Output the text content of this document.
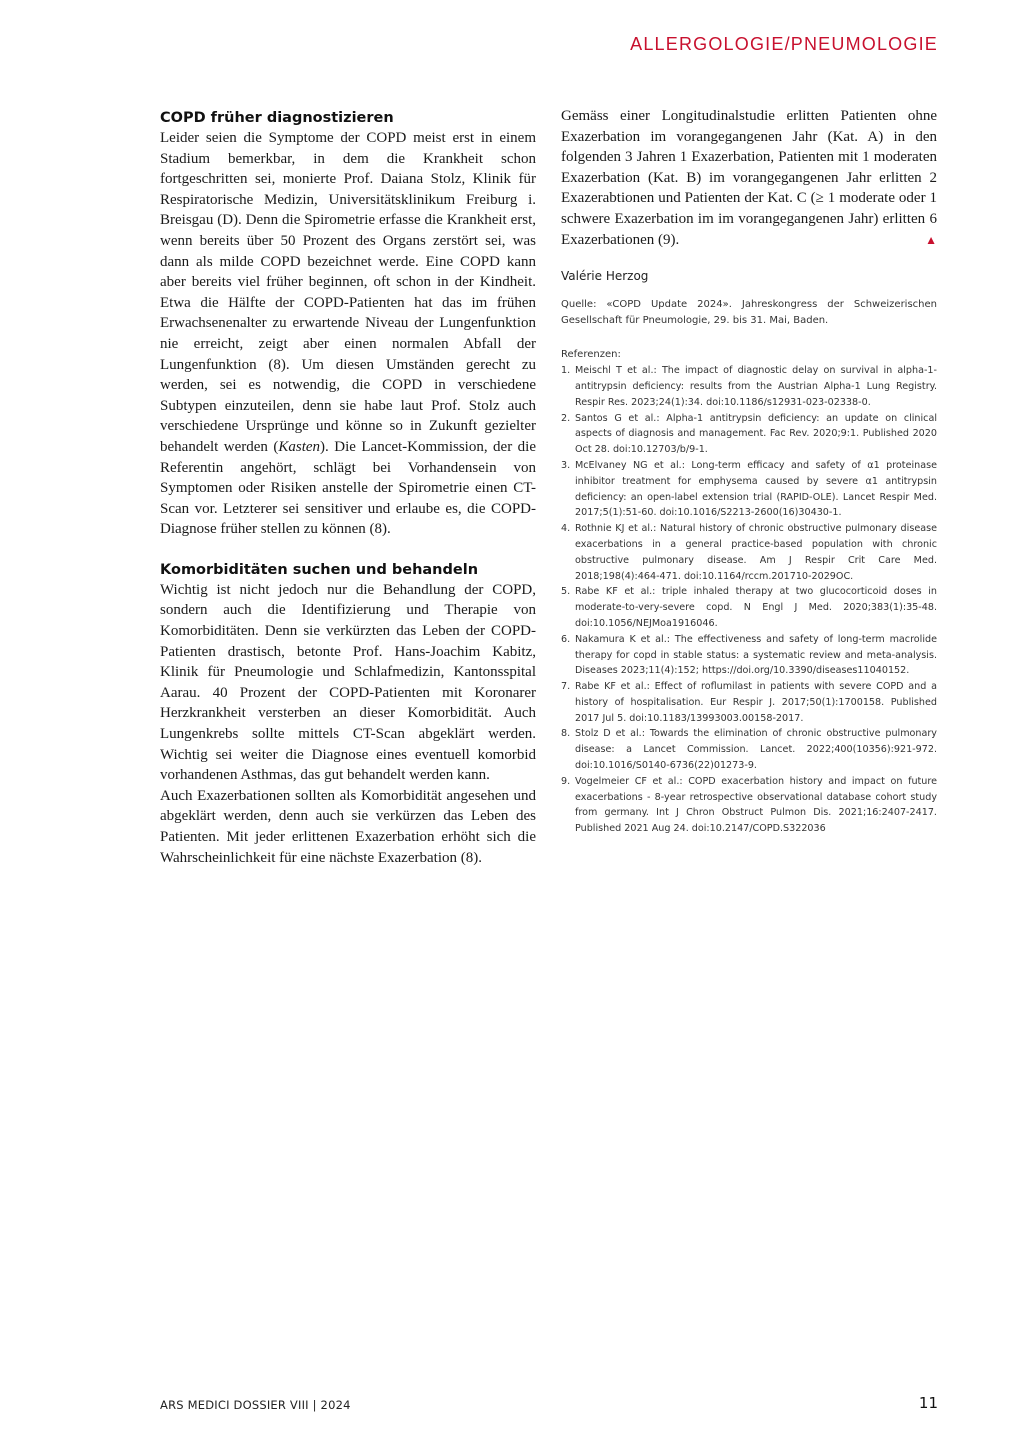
ALLERGOLOGIE/PNEUMOLOGIE
COPD früher diagnostizieren

Leider seien die Symptome der COPD meist erst in einem Stadium bemerkbar, in dem die Krankheit schon fortgeschritten sei, monierte Prof. Daiana Stolz, Klinik für Respiratorische Medizin, Universitätsklinikum Freiburg i. Breisgau (D). Denn die Spirometrie erfasse die Krankheit erst, wenn bereits über 50 Prozent des Organs zerstört sei, was dann als milde COPD bezeichnet werde. Eine COPD kann aber bereits viel früher beginnen, oft schon in der Kindheit. Etwa die Hälfte der COPD-Patienten hat das im frühen Erwachsenenalter zu erwartende Niveau der Lungenfunktion nie erreicht, zeigt aber einen normalen Abfall der Lungenfunktion (8). Um diesen Umständen gerecht zu werden, sei es notwendig, die COPD in verschiedene Subtypen einzuteilen, denn sie habe laut Prof. Stolz auch verschiedene Ursprünge und könne so in Zukunft gezielter behandelt werden (Kasten). Die Lancet-Kommission, der die Referentin angehört, schlägt bei Vorhandensein von Symptomen oder Risiken anstelle der Spirometrie einen CT-Scan vor. Letzterer sei sensitiver und erlaube es, die COPD-Diagnose früher stellen zu können (8).

Komorbiditäten suchen und behandeln

Wichtig ist nicht jedoch nur die Behandlung der COPD, sondern auch die Identifizierung und Therapie von Komorbiditäten. Denn sie verkürzten das Leben der COPD-Patienten drastisch, betonte Prof. Hans-Joachim Kabitz, Klinik für Pneumologie und Schlafmedizin, Kantonsspital Aarau. 40 Prozent der COPD-Patienten mit Koronarer Herzkrankheit versterben an dieser Komorbidität. Auch Lungenkrebs sollte mittels CT-Scan abgeklärt werden. Wichtig sei weiter die Diagnose eines eventuell komorbid vorhandenen Asthmas, das gut behandelt werden kann.

Auch Exazerbationen sollten als Komorbidität angesehen und abgeklärt werden, denn auch sie verkürzen das Leben des Patienten. Mit jeder erlittenen Exazerbation erhöht sich die Wahrscheinlichkeit für eine nächste Exazerbation (8).

Gemäss einer Longitudinalstudie erlitten Patienten ohne Exazerbation im vorangegangenen Jahr (Kat. A) in den folgenden 3 Jahren 1 Exazerbation, Patienten mit 1 moderaten Exazerbation (Kat. B) im vorangegangenen Jahr erlitten 2 Exazerabtionen und Patienten der Kat. C (≥ 1 moderate oder 1 schwere Exazerbation im im vorangegangenen Jahr) erlitten 6 Exazerbationen (9).	▲

Valérie Herzog
Quelle: «COPD Update 2024». Jahreskongress der Schweizerischen Gesellschaft für Pneumologie, 29. bis 31. Mai, Baden.
Referenzen:
1. Meischl T et al.: The impact of diagnostic delay on survival in alpha-1-antitrypsin deficiency: results from the Austrian Alpha-1 Lung Registry. Respir Res. 2023;24(1):34. doi:10.1186/s12931-023-02338-0.
2. Santos G et al.: Alpha-1 antitrypsin deficiency: an update on clinical aspects of diagnosis and management. Fac Rev. 2020;9:1. Published 2020 Oct 28. doi:10.12703/b/9-1.
3. McElvaney NG et al.: Long-term efficacy and safety of α1 proteinase inhibitor treatment for emphysema caused by severe α1 antitrypsin deficiency: an open-label extension trial (RAPID-OLE). Lancet Respir Med. 2017;5(1):51-60. doi:10.1016/S2213-2600(16)30430-1.
4. Rothnie KJ et al.: Natural history of chronic obstructive pulmonary disease exacerbations in a general practice-based population with chronic obstructive pulmonary disease. Am J Respir Crit Care Med. 2018;198(4):464-471. doi:10.1164/rccm.201710-2029OC.
5. Rabe KF et al.: triple inhaled therapy at two glucocorticoid doses in moderate-to-very-severe copd. N Engl J Med. 2020;383(1):35-48. doi:10.1056/NEJMoa1916046.
6. Nakamura K et al.: The effectiveness and safety of long-term macrolide therapy for copd in stable status: a systematic review and meta-analysis. Diseases 2023;11(4):152; https://doi.org/10.3390/diseases11040152.
7. Rabe KF et al.: Effect of roflumilast in patients with severe COPD and a history of hospitalisation. Eur Respir J. 2017;50(1):1700158. Published 2017 Jul 5. doi:10.1183/13993003.00158-2017.
8. Stolz D et al.: Towards the elimination of chronic obstructive pulmonary disease: a Lancet Commission. Lancet. 2022;400(10356):921-972. doi:10.1016/S0140-6736(22)01273-9.
9. Vogelmeier CF et al.: COPD exacerbation history and impact on future exacerbations - 8-year retrospective observational database cohort study from germany. Int J Chron Obstruct Pulmon Dis. 2021;16:2407-2417. Published 2021 Aug 24. doi:10.2147/COPD.S322036
ARS MEDICI DOSSIER VIII | 2024	11
